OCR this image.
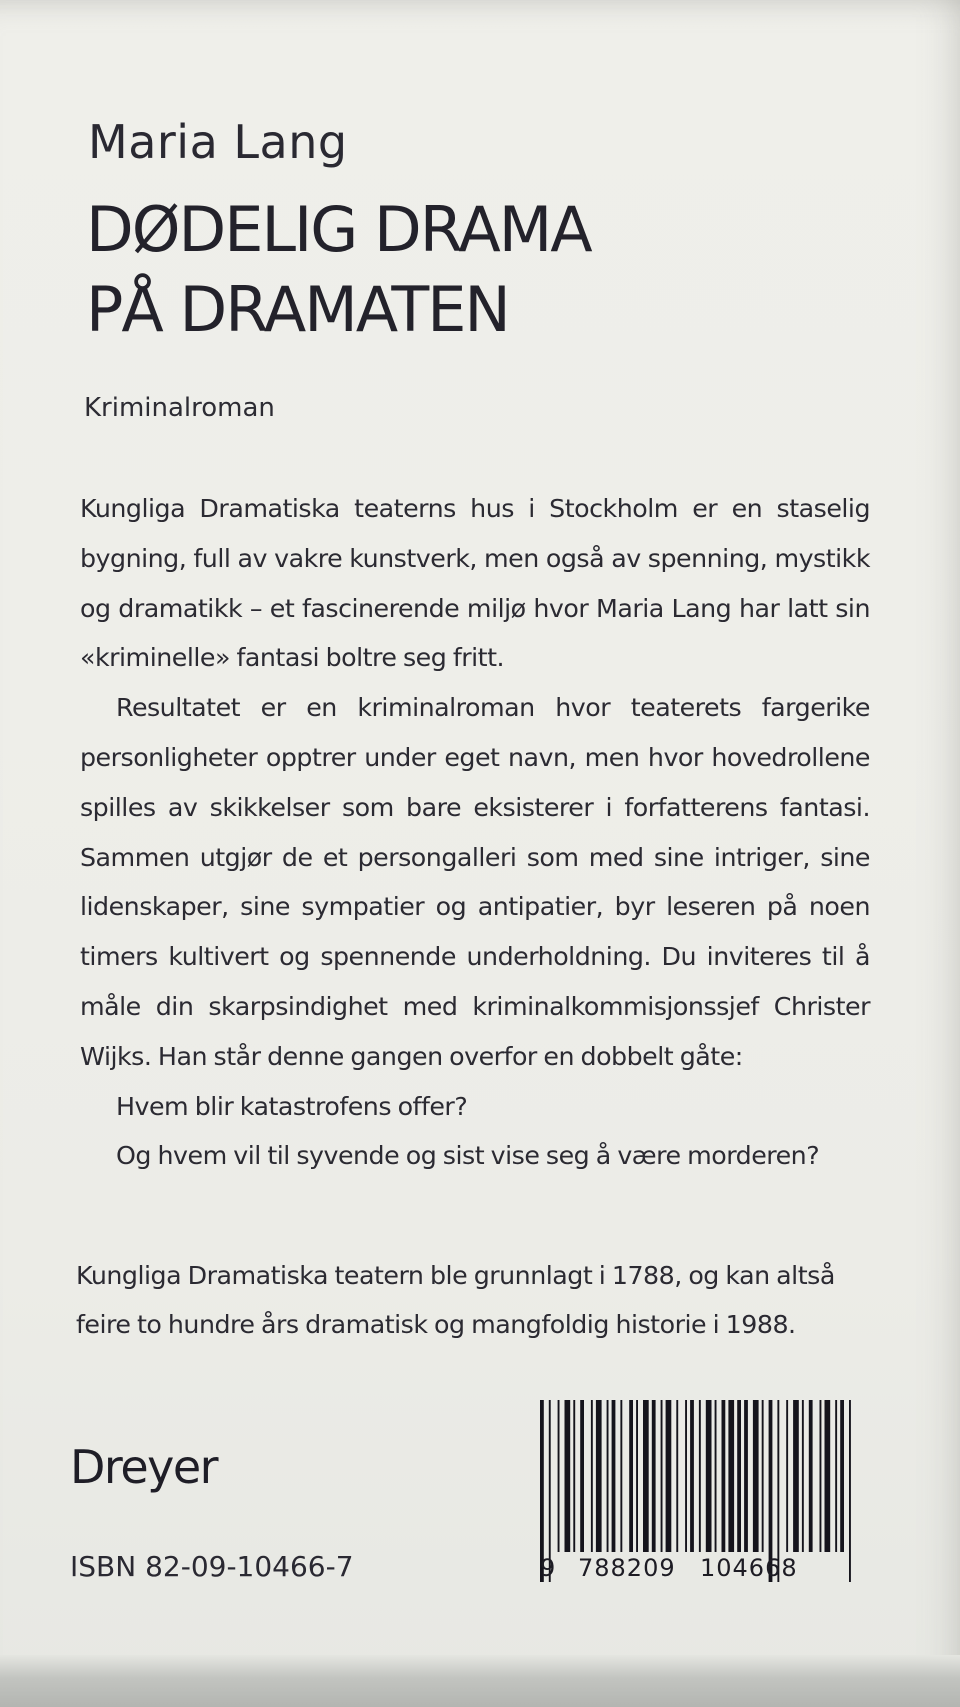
Maria Lang
DØDELIG DRAMA
PÅ DRAMATEN
Kriminalroman

Kungliga Dramatiska teaterns hus i Stockholm er en staselig bygning, full av vakre kunstverk, men også av spenning, mystikk og dramatikk – et fascinerende miljø hvor Maria Lang har latt sin «kriminelle» fantasi boltre seg fritt.

Resultatet er en kriminalroman hvor teaterets fargerike personligheter opptrer under eget navn, men hvor hovedrollene spilles av skikkelser som bare eksisterer i forfatterens fantasi. Sammen utgjør de et persongalleri som med sine intriger, sine lidenskaper, sine sympatier og antipatier, byr leseren på noen timers kultivert og spennende underholdning. Du inviteres til å måle din skarpsindighet med kriminalkommisjonssjef Christer Wijks. Han står denne gangen overfor en dobbelt gåte:

Hvem blir katastrofens offer?

Og hvem vil til syvende og sist vise seg å være morderen?

Kungliga Dramatiska teatern ble grunnlagt i 1788, og kan altså feire to hundre års dramatisk og mangfoldig historie i 1988.
Dreyer
ISBN 82-09-10466-7	9 788209 104668
